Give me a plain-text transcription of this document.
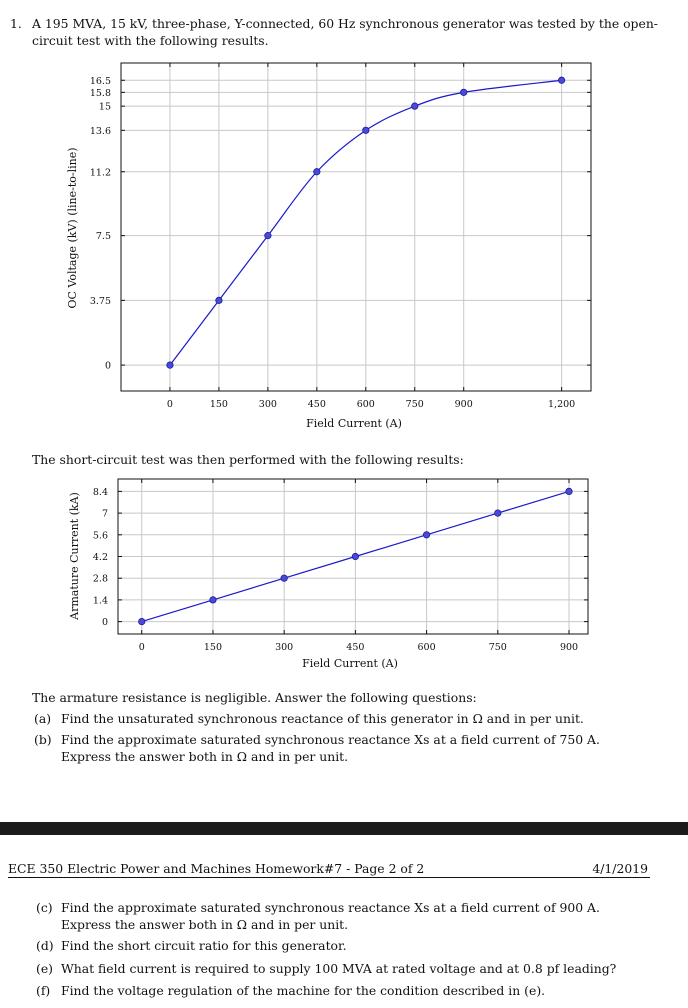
1. A 195 MVA, 15 kV, three-phase, Y-connected, 60 Hz synchronous generator was tested by the open-
circuit test with the following results.
0	150	300	450	600	750	900	1,200
0
3.75
7.5
11.2
13.6
15
15.8
16.5
Field Current (A)
OC Voltage (kV) (line-to-line)
The short-circuit test was then performed with the following results:
0	150	300	450	600	750	900
0
1.4
2.8
4.2
5.6
7
8.4
Field Current (A)
Armature Current (kA)
The armature resistance is negligible. Answer the following questions:
(a) Find the unsaturated synchronous reactance of this generator in Ω and in per unit.
(b) Find the approximate saturated synchronous reactance Xs at a field current of 750 A. Express the answer both in Ω and in per unit.
ECE 350 Electric Power and Machines Homework#7 - Page 2 of 2	4/1/2019
(c) Find the approximate saturated synchronous reactance Xs at a field current of 900 A. Express the answer both in Ω and in per unit.
(d) Find the short circuit ratio for this generator.
(e) What field current is required to supply 100 MVA at rated voltage and at 0.8 pf leading?
(f) Find the voltage regulation of the machine for the condition described in (e).
